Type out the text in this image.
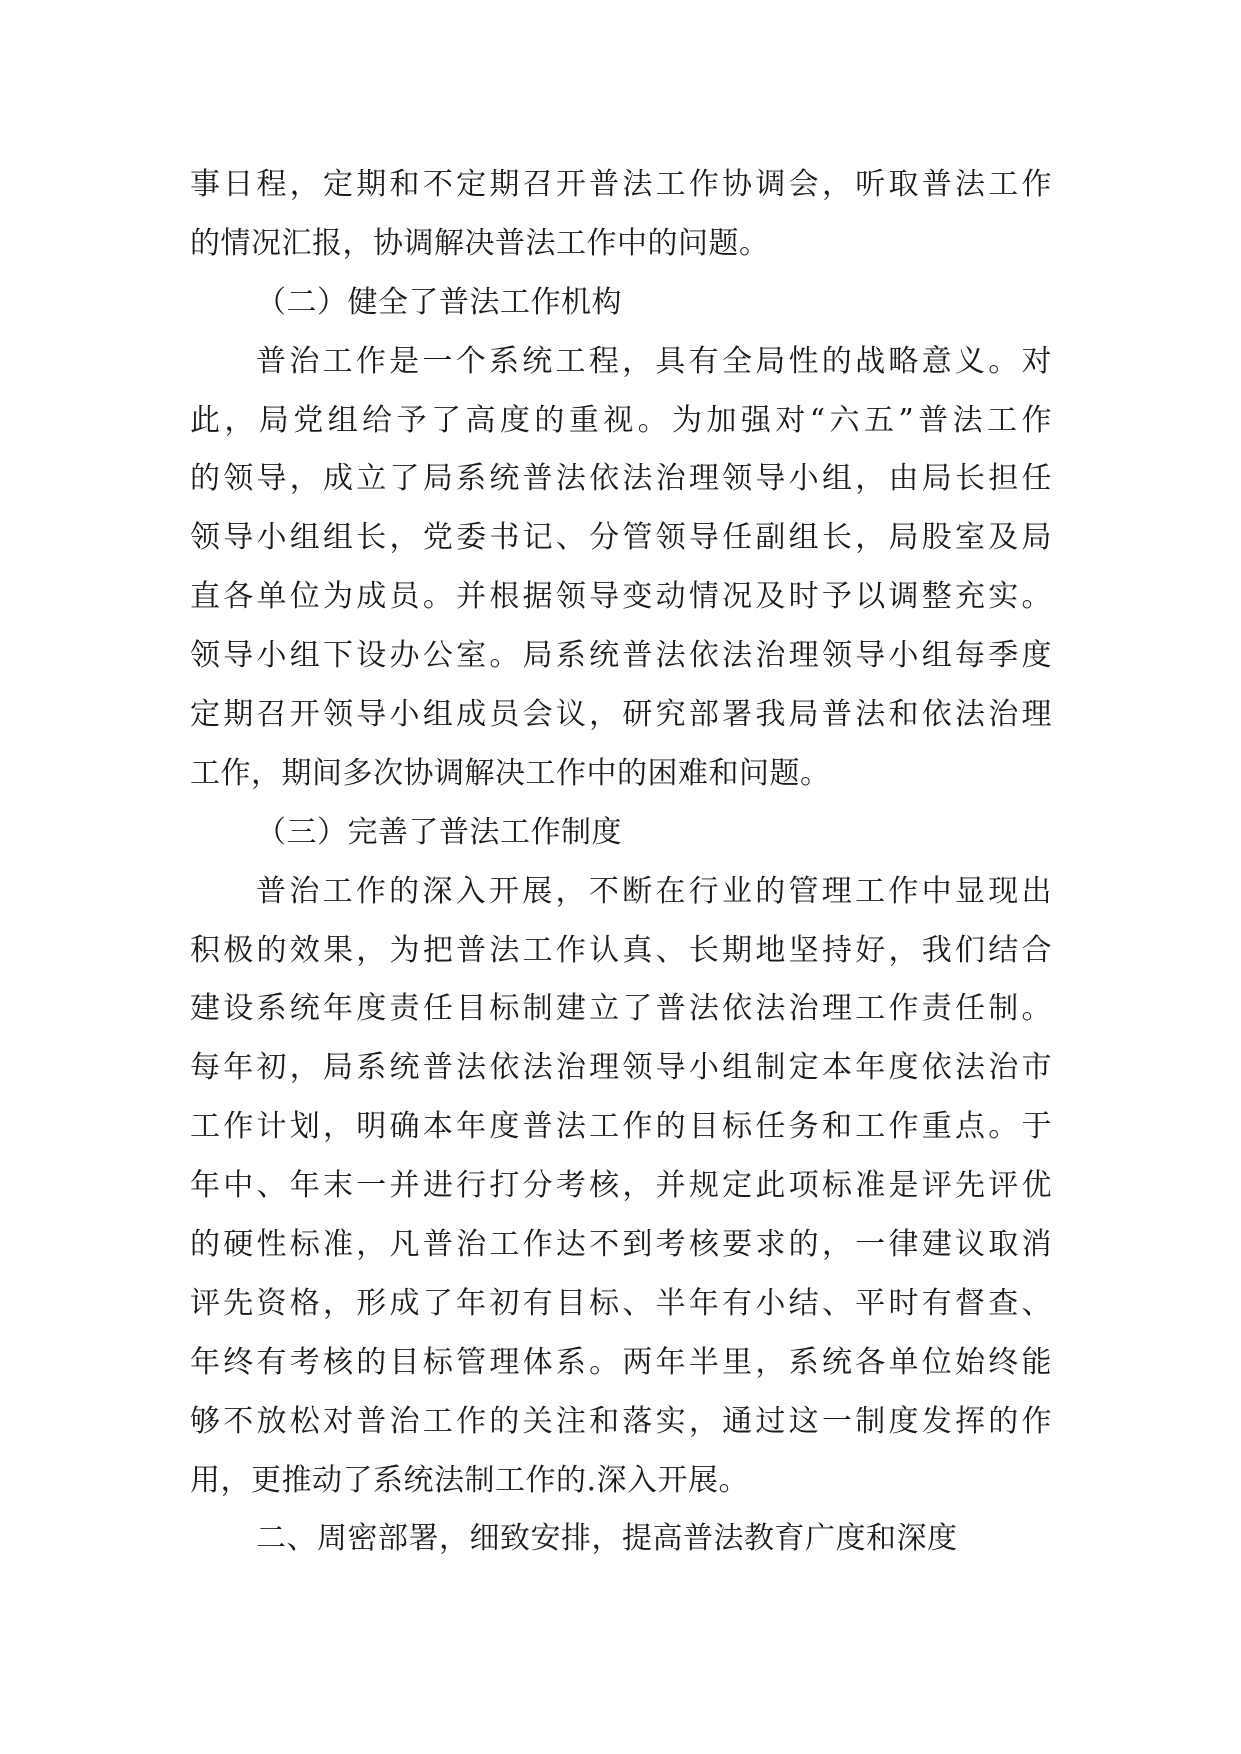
事日程，定期和不定期召开普法工作协调会，听取普法工作
的情况汇报，协调解决普法工作中的问题。
（二）健全了普法工作机构
普治工作是一个系统工程，具有全局性的战略意义。对
此，局党组给予了高度的重视。为加强对“六五”普法工作
的领导，成立了局系统普法依法治理领导小组，由局长担任
领导小组组长，党委书记、分管领导任副组长，局股室及局
直各单位为成员。并根据领导变动情况及时予以调整充实。
领导小组下设办公室。局系统普法依法治理领导小组每季度
定期召开领导小组成员会议，研究部署我局普法和依法治理
工作，期间多次协调解决工作中的困难和问题。
（三）完善了普法工作制度
普治工作的深入开展，不断在行业的管理工作中显现出
积极的效果，为把普法工作认真、长期地坚持好，我们结合
建设系统年度责任目标制建立了普法依法治理工作责任制。
每年初，局系统普法依法治理领导小组制定本年度依法治市
工作计划，明确本年度普法工作的目标任务和工作重点。于
年中、年末一并进行打分考核，并规定此项标准是评先评优
的硬性标准，凡普治工作达不到考核要求的，一律建议取消
评先资格，形成了年初有目标、半年有小结、平时有督查、
年终有考核的目标管理体系。两年半里，系统各单位始终能
够不放松对普治工作的关注和落实，通过这一制度发挥的作
用，更推动了系统法制工作的.深入开展。
二、周密部署，细致安排，提高普法教育广度和深度
